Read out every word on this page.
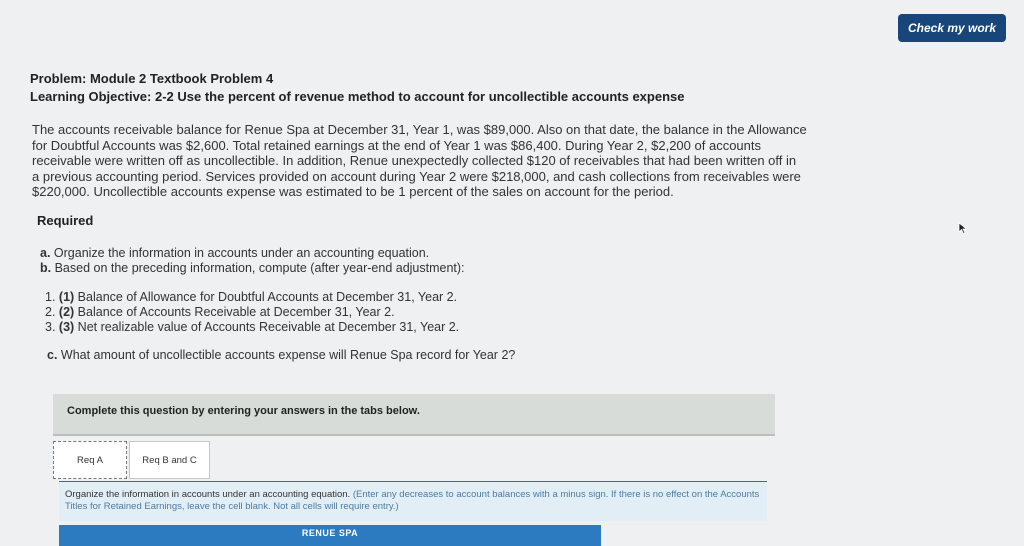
Check my work
Problem: Module 2 Textbook Problem 4
Learning Objective: 2-2 Use the percent of revenue method to account for uncollectible accounts expense
The accounts receivable balance for Renue Spa at December 31, Year 1, was $89,000. Also on that date, the balance in the Allowance
for Doubtful Accounts was $2,600. Total retained earnings at the end of Year 1 was $86,400. During Year 2, $2,200 of accounts
receivable were written off as uncollectible. In addition, Renue unexpectedly collected $120 of receivables that had been written off in
a previous accounting period. Services provided on account during Year 2 were $218,000, and cash collections from receivables were
$220,000. Uncollectible accounts expense was estimated to be 1 percent of the sales on account for the period.
Required
a. Organize the information in accounts under an accounting equation.
b. Based on the preceding information, compute (after year-end adjustment):
1. (1) Balance of Allowance for Doubtful Accounts at December 31, Year 2.
2. (2) Balance of Accounts Receivable at December 31, Year 2.
3. (3) Net realizable value of Accounts Receivable at December 31, Year 2.
c. What amount of uncollectible accounts expense will Renue Spa record for Year 2?
Complete this question by entering your answers in the tabs below.
Req A	Req B and C
Organize the information in accounts under an accounting equation. (Enter any decreases to account balances with a minus sign. If there is no effect on the Accounts Titles for Retained Earnings, leave the cell blank. Not all cells will require entry.)
RENUE SPA
